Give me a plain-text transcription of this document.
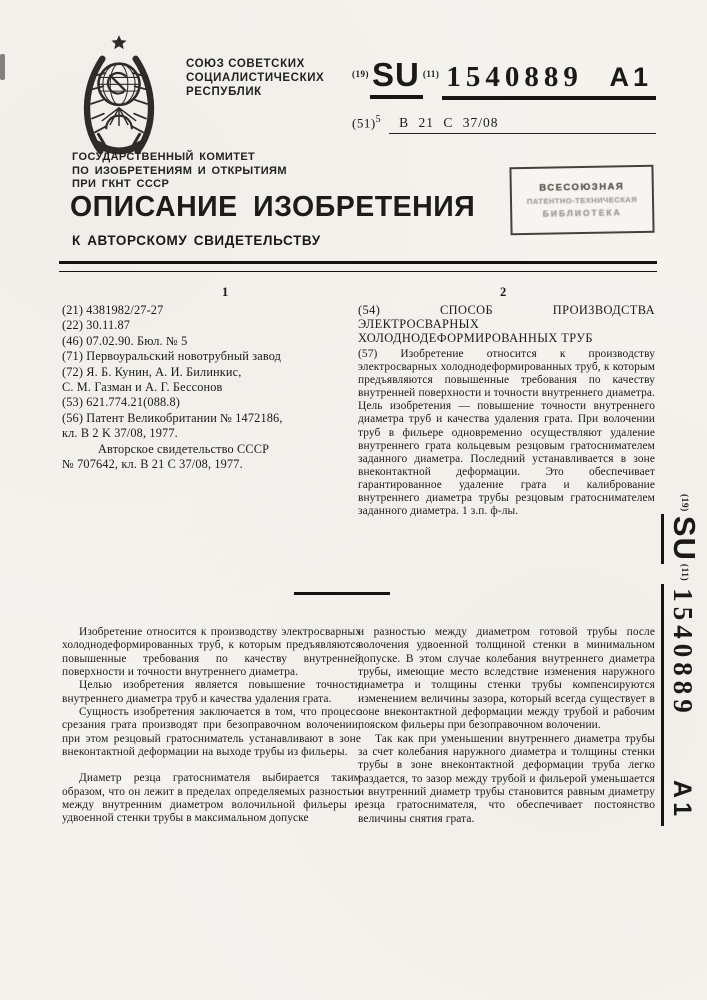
СОЮЗ СОВЕТСКИХ
СОЦИАЛИСТИЧЕСКИХ
РЕСПУБЛИК
(19) SU (11) 1540889 A1
$(51)^5$	B 21 C 37/08
ГОСУДАРСТВЕННЫЙ КОМИТЕТ
ПО ИЗОБРЕТЕНИЯМ И ОТКРЫТИЯМ
ПРИ ГКНТ СССР
ОПИСАНИЕ ИЗОБРЕТЕНИЯ
К АВТОРСКОМУ СВИДЕТЕЛЬСТВУ
ВСЕСОЮЗНАЯ
ПАТЕНТНО-ТЕХНИЧЕСКАЯ
БИБЛИОТЕКА
1	2
(21) 4381982/27-27
(22) 30.11.87
(46) 07.02.90. Бюл. № 5
(71) Первоуральский новотрубный завод
(72) Я. Б. Кунин, А. И. Билинкис,
С. М. Газман и А. Г. Бессонов
(53) 621.774.21(088.8)
(56) Патент Великобритании № 1472186,
кл. B 2 K 37/08, 1977.
Авторское свидетельство СССР
№ 707642, кл. B 21 C 37/08, 1977.
(54) СПОСОБ ПРОИЗВОДСТВА ЭЛЕКТРОСВАРНЫХ ХОЛОДНОДЕФОРМИРОВАННЫХ ТРУБ
(57) Изобретение относится к производству электросварных холоднодеформированных труб, к которым предъявляются повышенные требования по качеству внутренней поверхности и точности внутреннего диаметра. Цель изобретения — повышение точности внутреннего диаметра труб и качества удаления грата. При волочении труб в фильере одновременно осуществляют удаление внутреннего грата кольцевым резцовым гратоснимателем заданного диаметра. Последний устанавливается в зоне внеконтактной деформации. Это обеспечивает гарантированное удаление грата и калибрование внутреннего диаметра трубы резцовым гратоснимателем заданного диаметра. 1 з.п. ф-лы.

Изобретение относится к производству электросварных холоднодеформированных труб, к которым предъявляются повышенные требования по качеству внутренней поверхности и точности внутреннего диаметра.

Целью изобретения является повышение точности внутреннего диаметра труб и качества удаления грата.

Сущность изобретения заключается в том, что процесс срезания грата производят при безоправочном волочении, при этом резцовый гратосниматель устанавливают в зоне внеконтактной деформации на выходе трубы из фильеры.

Диаметр резца гратоснимателя выбирается таким образом, что он лежит в пределах определяемых разностью между внутренним диаметром волочильной фильеры и удвоенной стенки трубы в максимальном допуске

и разностью между диаметром готовой трубы после волочения удвоенной толщиной стенки в минимальном допуске. В этом случае колебания внутреннего диаметра трубы, имеющие место вследствие изменения наружного диаметра и толщины стенки трубы компенсируются изменением величины зазора, который всегда существует в зоне внеконтактной деформации между трубой и рабочим пояском фильеры при безоправочном волочении.

Так как при уменьшении внутреннего диаметра трубы за счет колебания наружного диаметра и толщины стенки трубы в зоне внеконтактной деформации труба легко раздается, то зазор между трубой и фильерой уменьшается и внутренний диаметр трубы становится равным диаметру резца гратоснимателя, что обеспечивает постоянство величины снятия грата.

(19)
SU
(11)
1540889
A1
